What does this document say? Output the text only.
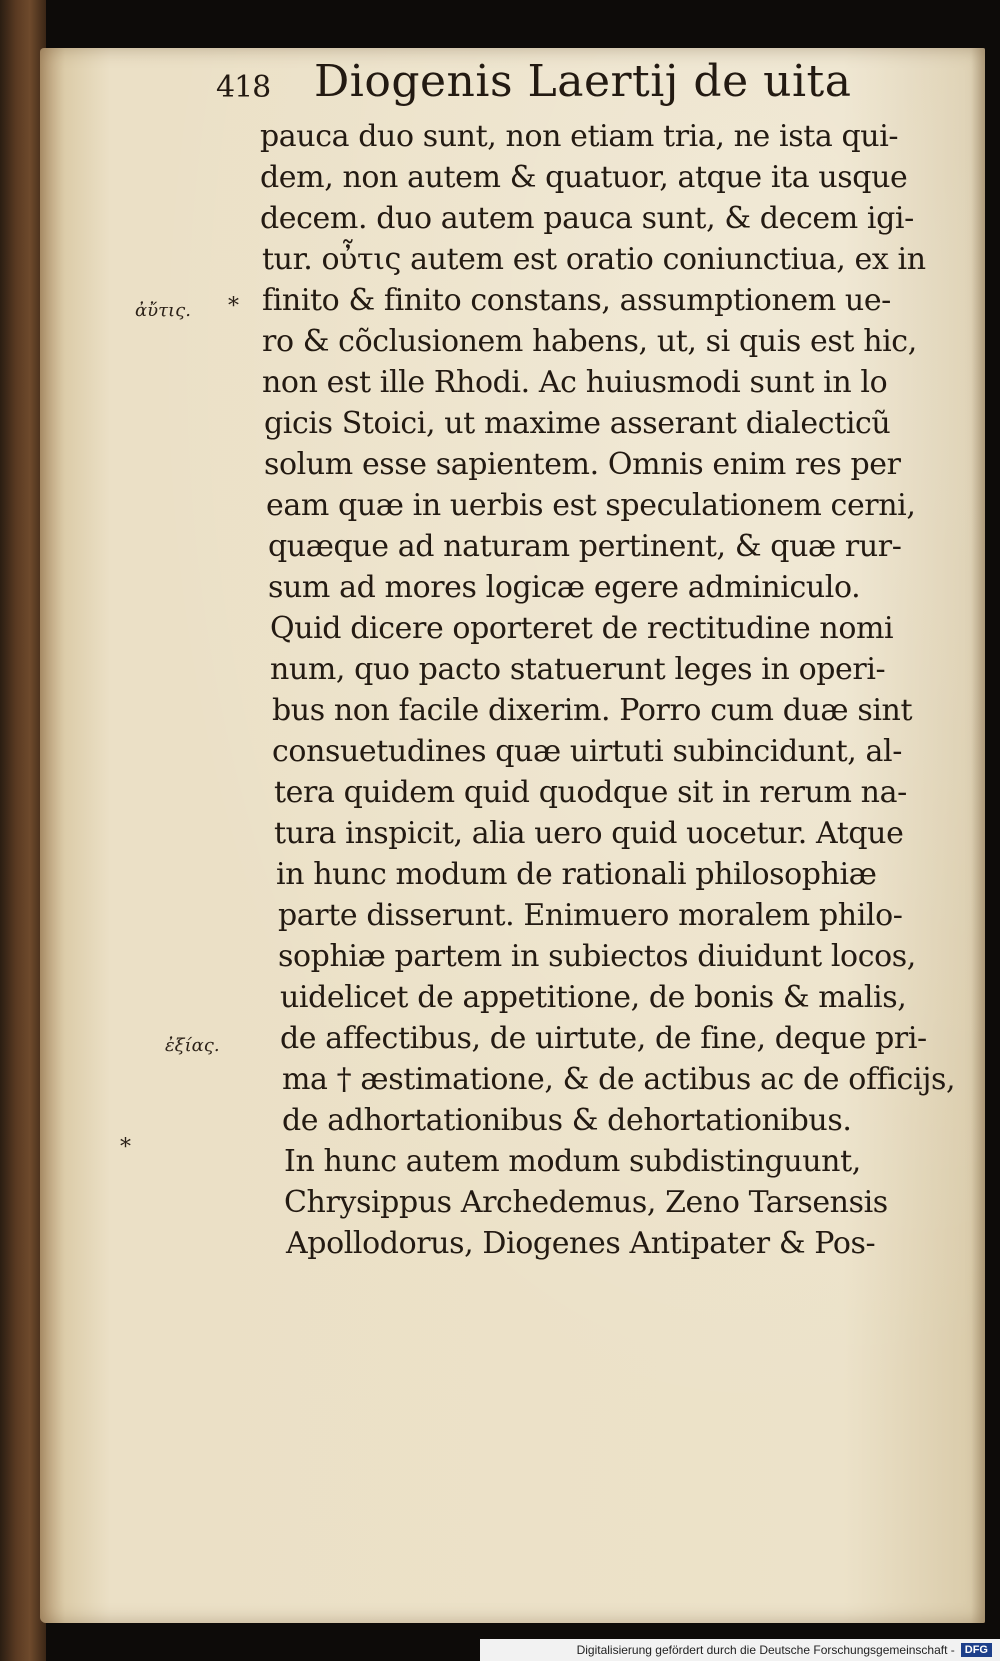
418 Diogenis Laertij de uita
ἀὔτις. *
ἐξίας.
*
pauca duo sunt, non etiam tria, ne ista qui-
dem, non autem & quatuor, atque ita usque
decem. duo autem pauca sunt, & decem igi-
tur. οὖτις autem est oratio coniunctiua, ex in
finito & finito constans, assumptionem ue-
ro & cõclusionem habens, ut, si quis est hic,
non est ille Rhodi. Ac huiusmodi sunt in lo
gicis Stoici, ut maxime asserant dialecticũ
solum esse sapientem. Omnis enim res per
eam quæ in uerbis est speculationem cerni,
quæque ad naturam pertinent, & quæ rur-
sum ad mores logicæ egere adminiculo.
Quid dicere oporteret de rectitudine nomi
num, quo pacto statuerunt leges in operi-
bus non facile dixerim. Porro cum duæ sint
consuetudines quæ uirtuti subincidunt, al-
tera quidem quid quodque sit in rerum na-
tura inspicit, alia uero quid uocetur. Atque
in hunc modum de rationali philosophiæ
parte disserunt. Enimuero moralem philo-
sophiæ partem in subiectos diuidunt locos,
uidelicet de appetitione, de bonis & malis,
de affectibus, de uirtute, de fine, deque pri-
ma † æstimatione, & de actibus ac de officijs,
de adhortationibus & dehortationibus.
In hunc autem modum subdistinguunt,
Chrysippus Archedemus, Zeno Tarsensis
Apollodorus, Diogenes Antipater & Pos-
Digitalisierung gefördert durch die Deutsche Forschungsgemeinschaft - DFG
